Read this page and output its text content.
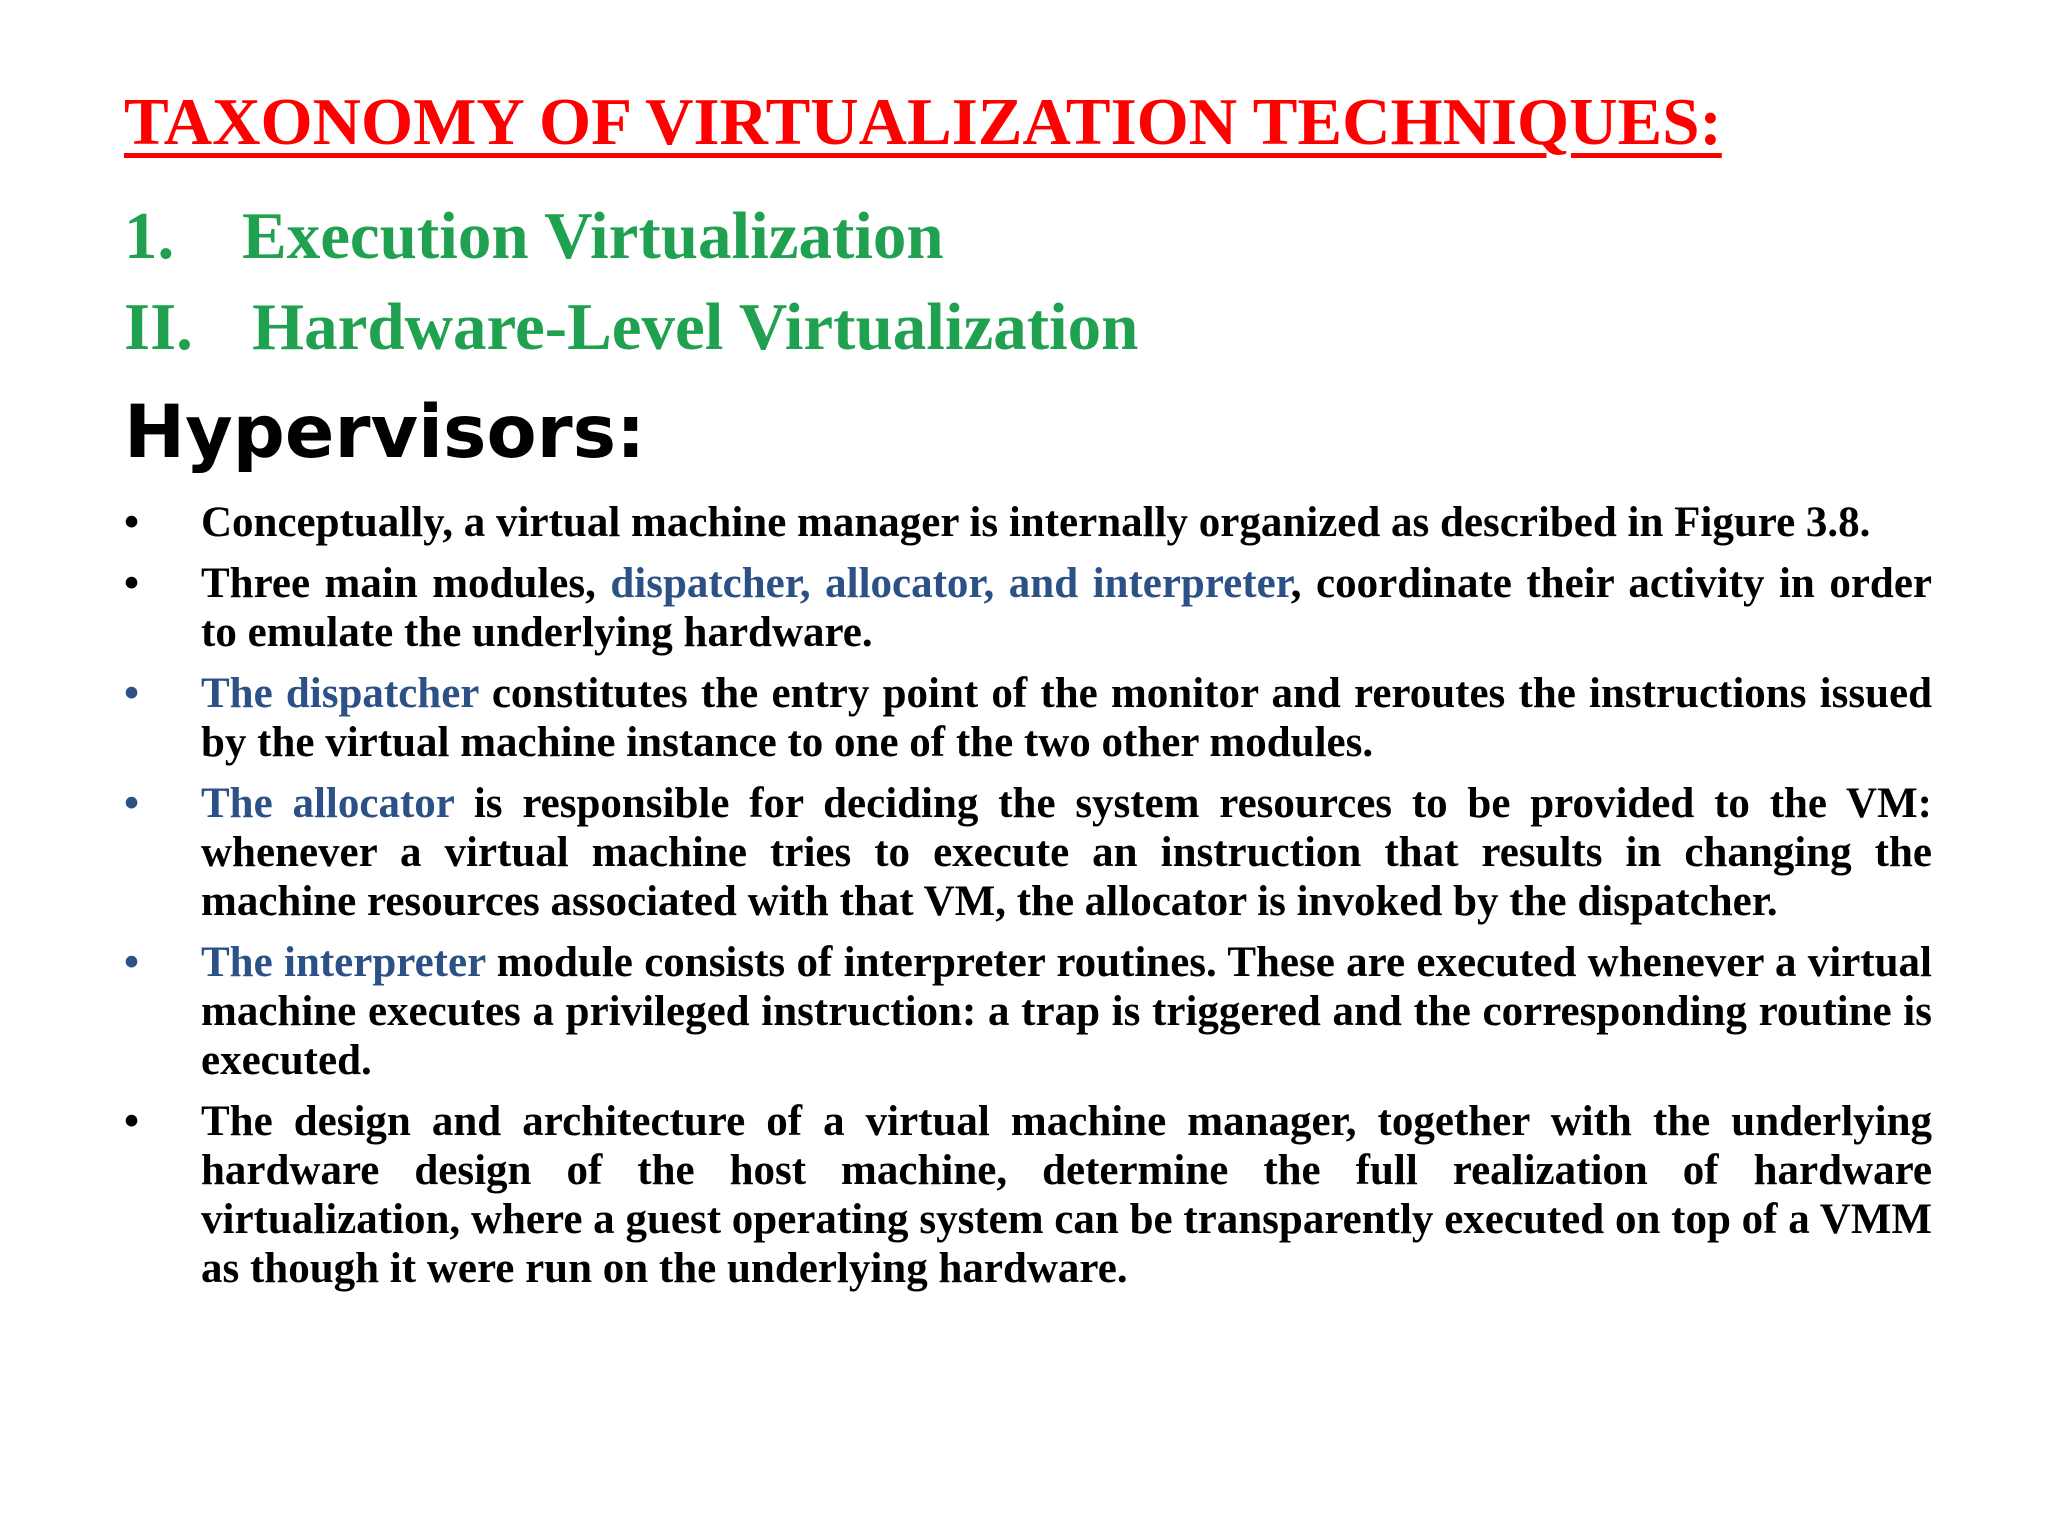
TAXONOMY OF VIRTUALIZATION TECHNIQUES:
1. Execution Virtualization
II. Hardware-Level Virtualization
Hypervisors:
•	Conceptually, a virtual machine manager is internally organized as described in Figure 3.8.
•	Three main modules, dispatcher, allocator, and interpreter, coordinate their activity in order to emulate the underlying hardware.
•	The dispatcher constitutes the entry point of the monitor and reroutes the instructions issued by the virtual machine instance to one of the two other modules.
•	The allocator is responsible for deciding the system resources to be provided to the VM: whenever a virtual machine tries to execute an instruction that results in changing the machine resources associated with that VM, the allocator is invoked by the dispatcher.
•	The interpreter module consists of interpreter routines. These are executed whenever a virtual machine executes a privileged instruction: a trap is triggered and the corresponding routine is executed.
•	The design and architecture of a virtual machine manager, together with the underlying hardware design of the host machine, determine the full realization of hardware virtualization, where a guest operating system can be transparently executed on top of a VMM as though it were run on the underlying hardware.
